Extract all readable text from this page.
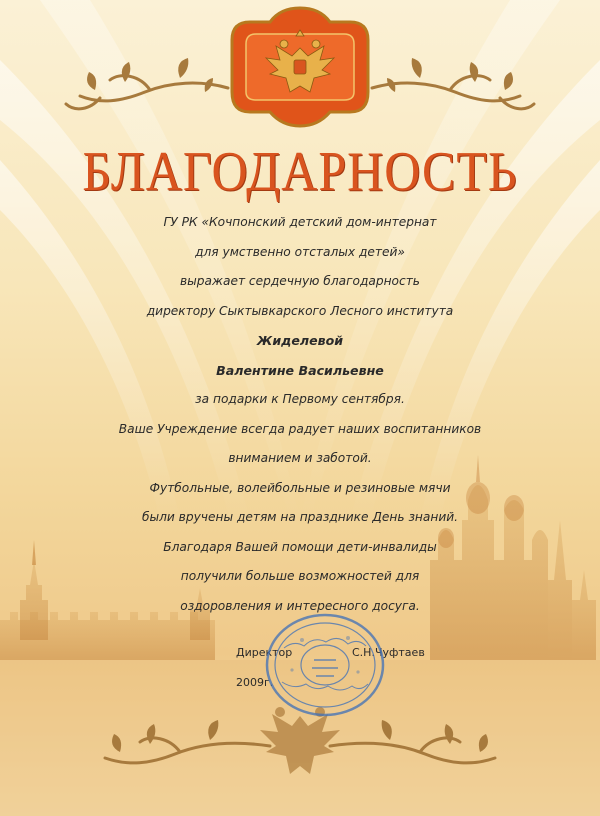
БЛАГОДАРНОСТЬ
ГУ РК «Кочпонский детский дом-интернат
для умственно отсталых детей»
выражает сердечную благодарность
директору Сыктывкарского Лесного института
Жиделевой
Валентине Васильевне
за подарки к Первому сентября.
Ваше Учреждение всегда радует наших воспитанников
вниманием и заботой.
Футбольные, волейбольные и резиновые мячи
были вручены детям на празднике День знаний.
Благодаря Вашей помощи дети-инвалиды
получили больше возможностей для
оздоровления и интересного досуга.
Директор	С.Н.Чуфтаев
2009г.
